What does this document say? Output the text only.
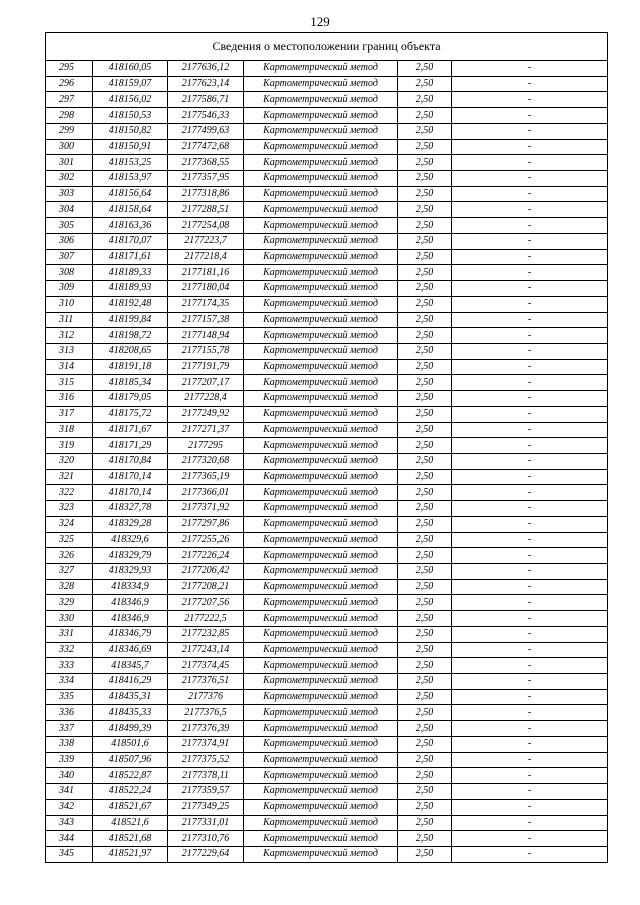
129
Сведения о местоположении границ объекта					
295	418160,05	2177636,12	Картометрический метод	2,50	-
296	418159,07	2177623,14	Картометрический метод	2,50	-
297	418156,02	2177586,71	Картометрический метод	2,50	-
298	418150,53	2177546,33	Картометрический метод	2,50	-
299	418150,82	2177499,63	Картометрический метод	2,50	-
300	418150,91	2177472,68	Картометрический метод	2,50	-
301	418153,25	2177368,55	Картометрический метод	2,50	-
302	418153,97	2177357,95	Картометрический метод	2,50	-
303	418156,64	2177318,86	Картометрический метод	2,50	-
304	418158,64	2177288,51	Картометрический метод	2,50	-
305	418163,36	2177254,08	Картометрический метод	2,50	-
306	418170,07	2177223,7	Картометрический метод	2,50	-
307	418171,61	2177218,4	Картометрический метод	2,50	-
308	418189,33	2177181,16	Картометрический метод	2,50	-
309	418189,93	2177180,04	Картометрический метод	2,50	-
310	418192,48	2177174,35	Картометрический метод	2,50	-
311	418199,84	2177157,38	Картометрический метод	2,50	-
312	418198,72	2177148,94	Картометрический метод	2,50	-
313	418208,65	2177155,78	Картометрический метод	2,50	-
314	418191,18	2177191,79	Картометрический метод	2,50	-
315	418185,34	2177207,17	Картометрический метод	2,50	-
316	418179,05	2177228,4	Картометрический метод	2,50	-
317	418175,72	2177249,92	Картометрический метод	2,50	-
318	418171,67	2177271,37	Картометрический метод	2,50	-
319	418171,29	2177295	Картометрический метод	2,50	-
320	418170,84	2177320,68	Картометрический метод	2,50	-
321	418170,14	2177365,19	Картометрический метод	2,50	-
322	418170,14	2177366,01	Картометрический метод	2,50	-
323	418327,78	2177371,92	Картометрический метод	2,50	-
324	418329,28	2177297,86	Картометрический метод	2,50	-
325	418329,6	2177255,26	Картометрический метод	2,50	-
326	418329,79	2177226,24	Картометрический метод	2,50	-
327	418329,93	2177206,42	Картометрический метод	2,50	-
328	418334,9	2177208,21	Картометрический метод	2,50	-
329	418346,9	2177207,56	Картометрический метод	2,50	-
330	418346,9	2177222,5	Картометрический метод	2,50	-
331	418346,79	2177232,85	Картометрический метод	2,50	-
332	418346,69	2177243,14	Картометрический метод	2,50	-
333	418345,7	2177374,45	Картометрический метод	2,50	-
334	418416,29	2177376,51	Картометрический метод	2,50	-
335	418435,31	2177376	Картометрический метод	2,50	-
336	418435,33	2177376,5	Картометрический метод	2,50	-
337	418499,39	2177376,39	Картометрический метод	2,50	-
338	418501,6	2177374,91	Картометрический метод	2,50	-
339	418507,96	2177375,52	Картометрический метод	2,50	-
340	418522,87	2177378,11	Картометрический метод	2,50	-
341	418522,24	2177359,57	Картометрический метод	2,50	-
342	418521,67	2177349,25	Картометрический метод	2,50	-
343	418521,6	2177331,01	Картометрический метод	2,50	-
344	418521,68	2177310,76	Картометрический метод	2,50	-
345	418521,97	2177229,64	Картометрический метод	2,50	-
